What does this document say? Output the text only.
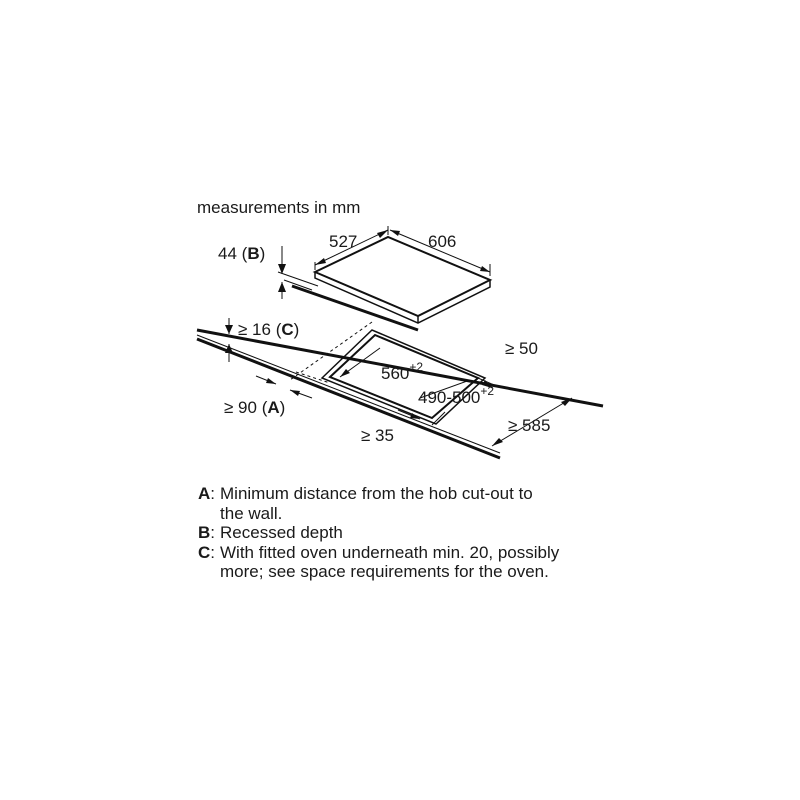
measurements in mm
527	606
44 (B)
≥ 16 (C)
≥ 90 (A)
$560^{+2}$
$490-500^{+2}$
≥ 50
≥ 35
≥ 585
A : Minimum distance from the hob cut-out to the wall.
B : Recessed depth
C : With fitted oven underneath min. 20, possibly more; see space requirements for the oven.
